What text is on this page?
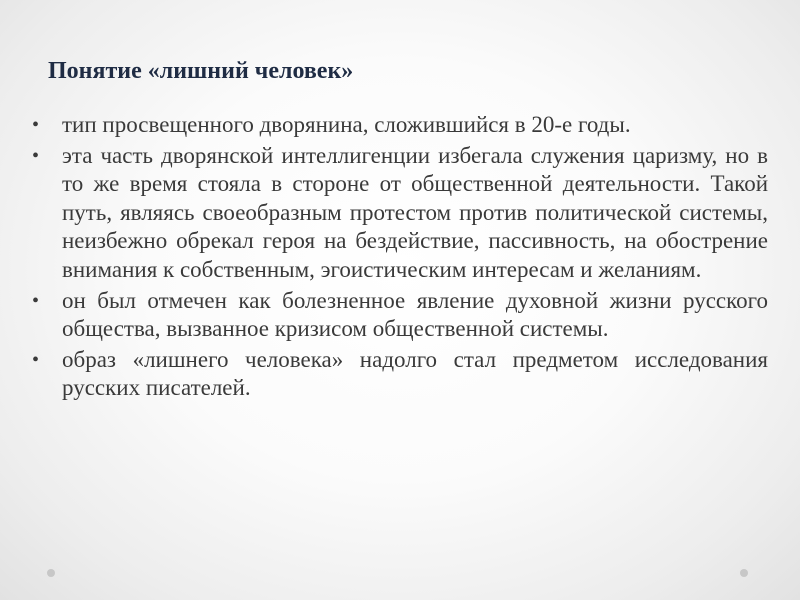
Понятие «лишний человек»
• тип просвещенного дворянина, сложившийся в 20-е годы.
• эта часть дворянской интеллигенции избегала служения царизму, но в то же время стояла в стороне от общественной деятельности. Такой путь, являясь своеобразным протестом против политической системы, неизбежно обрекал героя на бездействие, пассивность, на обострение внимания к собственным, эгоистическим интересам и желаниям.
• он был отмечен как болезненное явление духовной жизни русского общества, вызванное кризисом общественной системы.
• образ «лишнего человека» надолго стал предметом исследования русских писателей.
